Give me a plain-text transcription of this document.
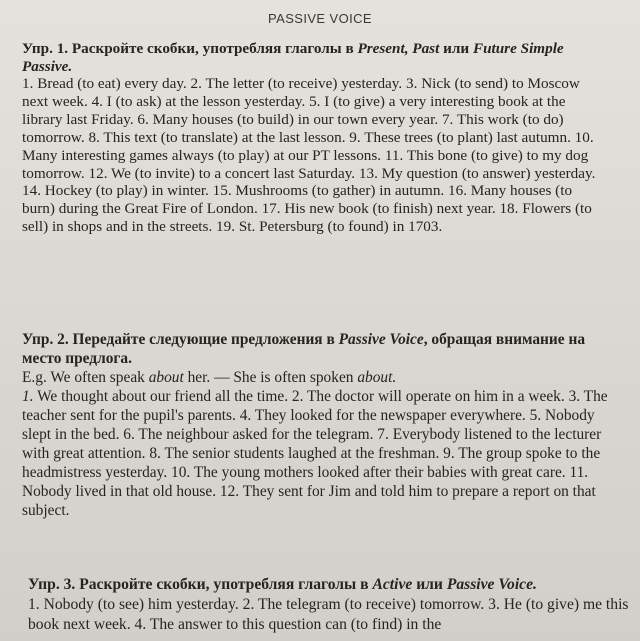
PASSIVE VOICE

Упр. 1. Раскройте скобки, употребляя глаголы в Present, Past или Future Simple Passive.

1. Bread (to eat) every day. 2. The letter (to receive) yesterday. 3. Nick (to send) to Moscow next week. 4. I (to ask) at the lesson yesterday. 5. I (to give) a very interesting book at the library last Friday. 6. Many houses (to build) in our town every year. 7. This work (to do) tomorrow. 8. This text (to translate) at the last lesson. 9. These trees (to plant) last autumn. 10. Many interesting games always (to play) at our PT lessons. 11. This bone (to give) to my dog tomorrow. 12. We (to invite) to a concert last Saturday. 13. My question (to answer) yesterday. 14. Hockey (to play) in winter. 15. Mushrooms (to gather) in autumn. 16. Many houses (to burn) during the Great Fire of London. 17. His new book (to finish) next year. 18. Flowers (to sell) in shops and in the streets. 19. St. Petersburg (to found) in 1703.

Упр. 2. Передайте следующие предложения в Passive Voice, обращая внимание на место предлога.

E.g. We often speak about her. — She is often spoken about.

1. We thought about our friend all the time. 2. The doctor will operate on him in a week. 3. The teacher sent for the pupil's parents. 4. They looked for the newspaper everywhere. 5. Nobody slept in the bed. 6. The neighbour asked for the telegram. 7. Everybody listened to the lecturer with great attention. 8. The senior students laughed at the freshman. 9. The group spoke to the headmistress yesterday. 10. The young mothers looked after their babies with great care. 11. Nobody lived in that old house. 12. They sent for Jim and told him to prepare a report on that subject.

Упр. 3. Раскройте скобки, употребляя глаголы в Active или Passive Voice.

1. Nobody (to see) him yesterday. 2. The telegram (to receive) tomorrow. 3. He (to give) me this book next week. 4. The answer to this question can (to find) in the
